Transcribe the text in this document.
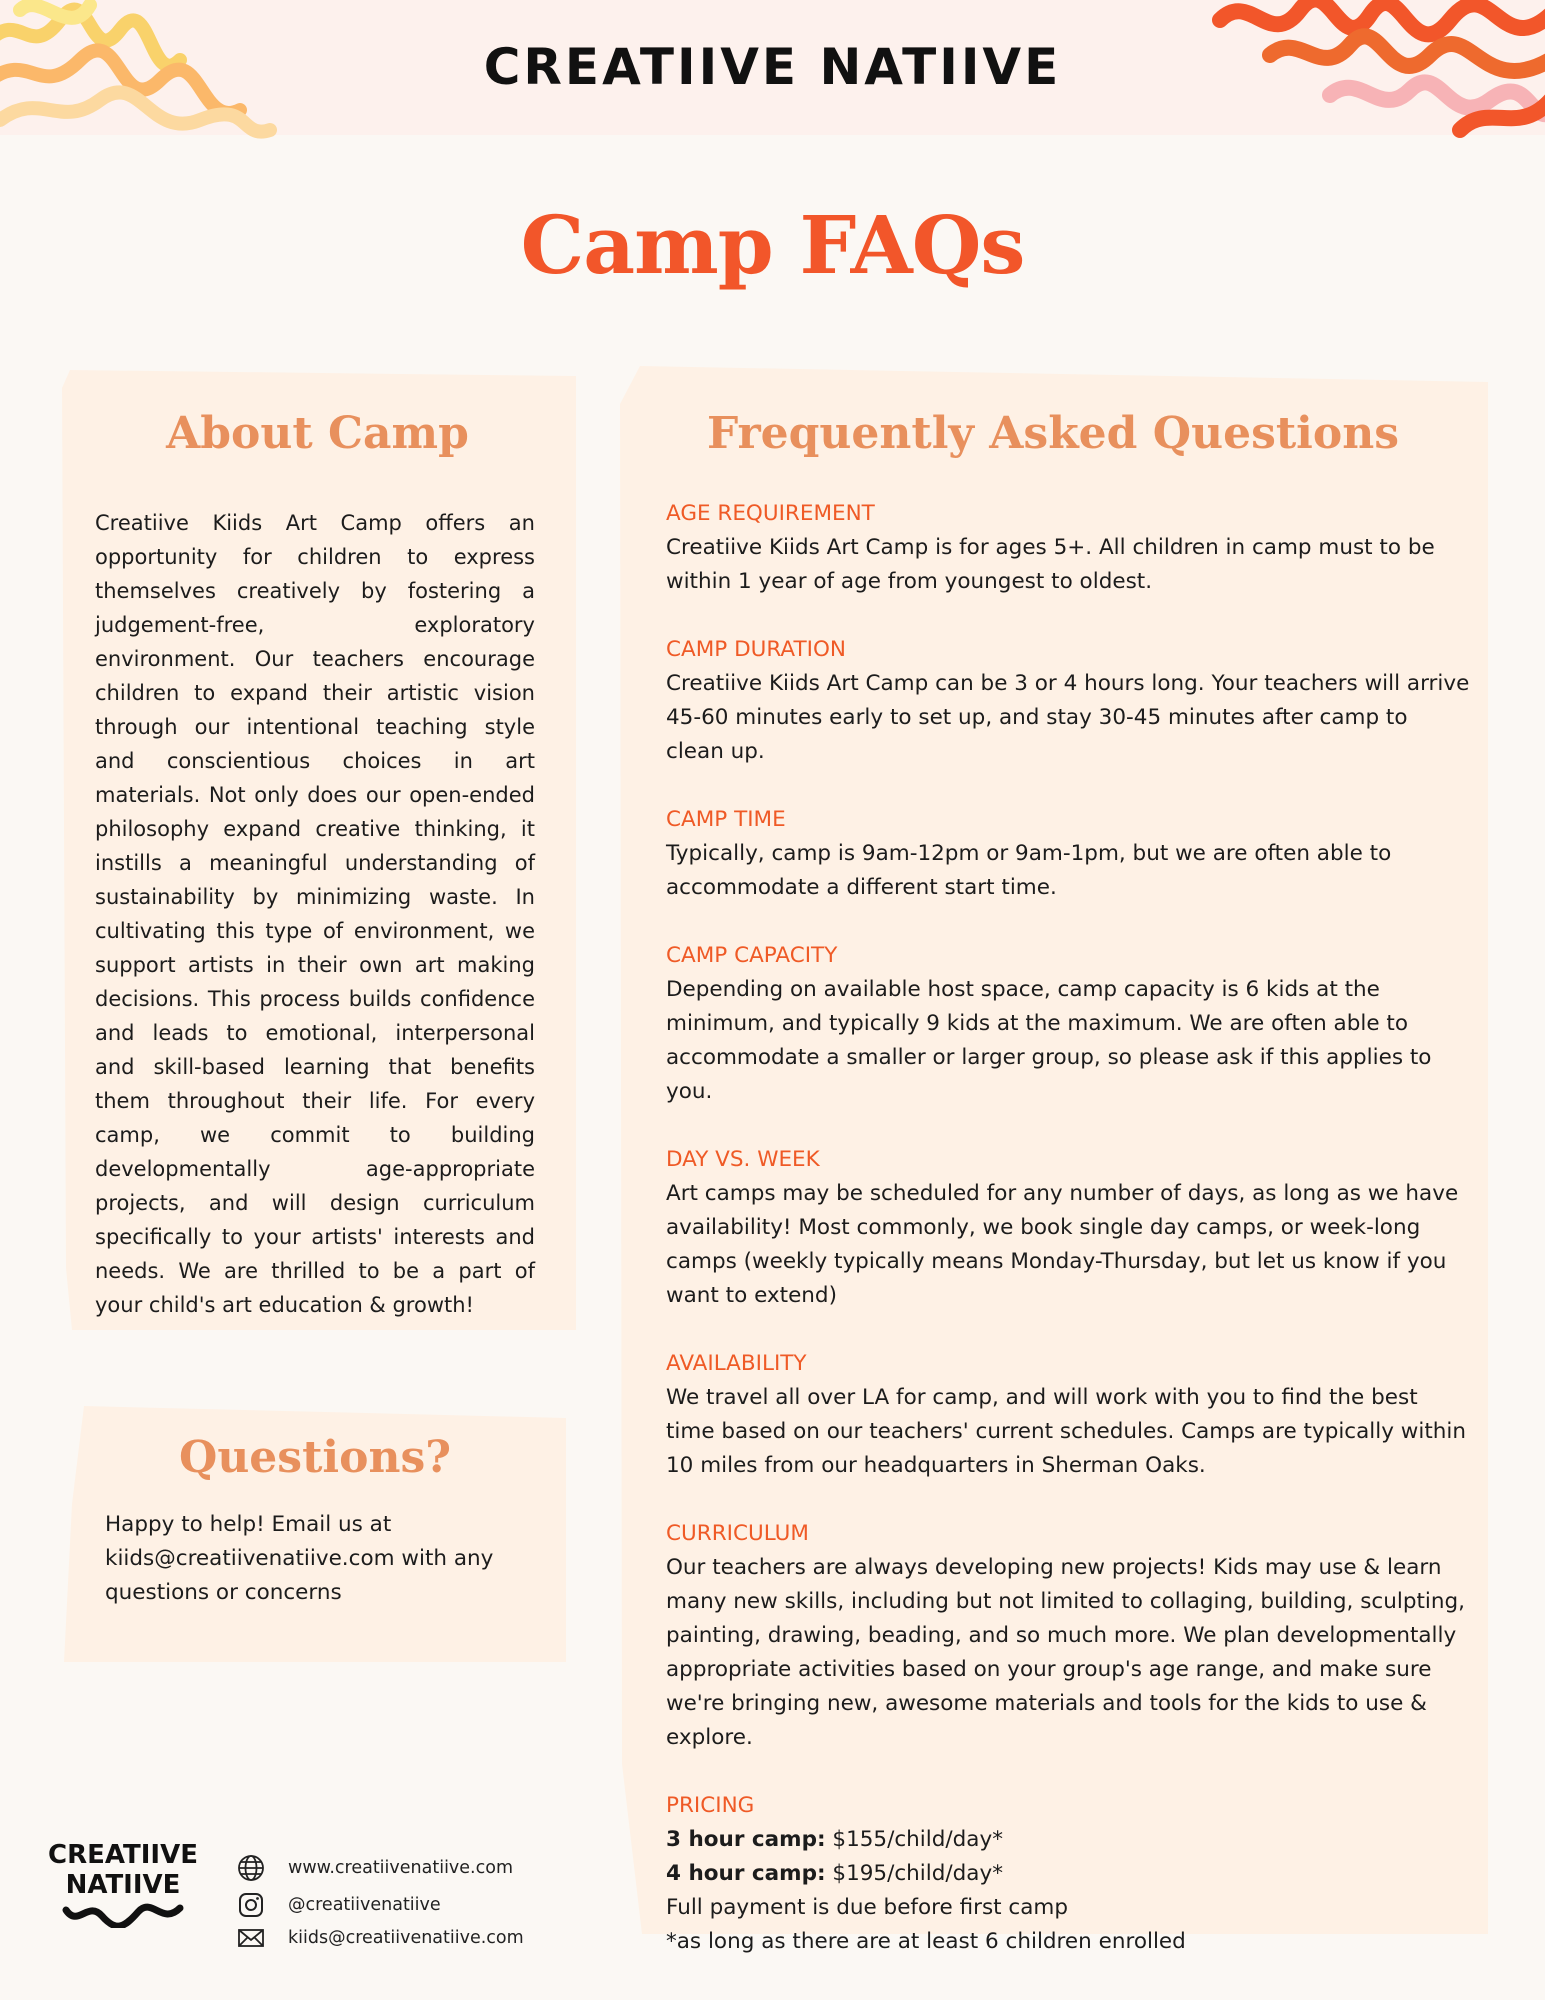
CREATIIVE NATIIVE
Camp FAQs
About Camp
Creatiive Kiids Art Camp offers an opportunity for children to express themselves creatively by fostering a judgement-free, exploratory environment. Our teachers encourage children to expand their artistic vision through our intentional teaching style and conscientious choices in art materials. Not only does our open-ended philosophy expand creative thinking, it instills a meaningful understanding of sustainability by minimizing waste. In cultivating this type of environment, we support artists in their own art making decisions. This process builds confidence and leads to emotional, interpersonal and skill-based learning that benefits them throughout their life. For every camp, we commit to building developmentally age-appropriate projects, and will design curriculum specifically to your artists' interests and needs. We are thrilled to be a part of your child's art education & growth!
Questions?
Happy to help! Email us at kiids@creatiivenatiive.com with any questions or concerns
Frequently Asked Questions
AGE REQUIREMENT
Creatiive Kiids Art Camp is for ages 5+. All children in camp must to be within 1 year of age from youngest to oldest.
CAMP DURATION
Creatiive Kiids Art Camp can be 3 or 4 hours long. Your teachers will arrive 45-60 minutes early to set up, and stay 30-45 minutes after camp to clean up.
CAMP TIME
Typically, camp is 9am-12pm or 9am-1pm, but we are often able to accommodate a different start time.
CAMP CAPACITY
Depending on available host space, camp capacity is 6 kids at the minimum, and typically 9 kids at the maximum. We are often able to accommodate a smaller or larger group, so please ask if this applies to you.
DAY VS. WEEK
Art camps may be scheduled for any number of days, as long as we have availability! Most commonly, we book single day camps, or week-long camps (weekly typically means Monday-Thursday, but let us know if you want to extend)
AVAILABILITY
We travel all over LA for camp, and will work with you to find the best time based on our teachers' current schedules. Camps are typically within 10 miles from our headquarters in Sherman Oaks.
CURRICULUM
Our teachers are always developing new projects! Kids may use & learn many new skills, including but not limited to collaging, building, sculpting, painting, drawing, beading, and so much more. We plan developmentally appropriate activities based on your group's age range, and make sure we're bringing new, awesome materials and tools for the kids to use & explore.
PRICING
3 hour camp: $155/child/day*
4 hour camp: $195/child/day*
Full payment is due before first camp
*as long as there are at least 6 children enrolled
CREATIIVE
NATIIVE
www.creatiivenatiive.com
@creatiivenatiive
kiids@creatiivenatiive.com
